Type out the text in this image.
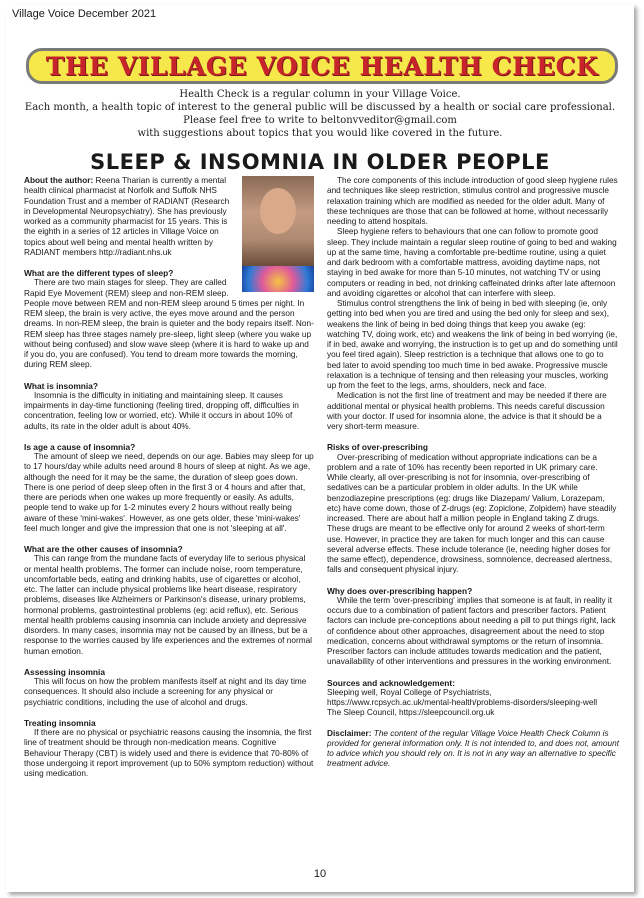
Village Voice December 2021
THE VILLAGE VOICE HEALTH CHECK
Health Check is a regular column in your Village Voice.
Each month, a health topic of interest to the general public will be discussed by a health or social care professional.
Please feel free to write to beltonvveditor@gmail.com
with suggestions about topics that you would like covered in the future.
SLEEP & INSOMNIA IN OLDER PEOPLE

About the author: Reena Tharian is currently a mental health clinical pharmacist at Norfolk and Suffolk NHS Foundation Trust and a member of RADIANT (Research in Developmental Neuropsychiatry). She has previously worked as a community pharmacist for 15 years. This is the eighth in a series of 12 articles in Village Voice on topics about well being and mental health written by RADIANT members http://radiant.nhs.uk

What are the different types of sleep?

There are two main stages for sleep. They are called Rapid Eye Movement (REM) sleep and non-REM sleep. People move between REM and non-REM sleep around 5 times per night. In REM sleep, the brain is very active, the eyes move around and the person dreams. In non-REM sleep, the brain is quieter and the body repairs itself. Non-REM sleep has three stages namely pre-sleep, light sleep (where you wake up without being confused) and slow wave sleep (where it is hard to wake up and if you do, you are confused). You tend to dream more towards the morning, during REM sleep.

What is insomnia?

Insomnia is the difficulty in initiating and maintaining sleep. It causes impairments in day-time functioning (feeling tired, dropping off, difficulties in concentration, feeling low or worried, etc). While it occurs in about 10% of adults, its rate in the older adult is about 40%.

Is age a cause of insomnia?

The amount of sleep we need, depends on our age. Babies may sleep for up to 17 hours/day while adults need around 8 hours of sleep at night. As we age, although the need for it may be the same, the duration of sleep goes down. There is one period of deep sleep often in the first 3 or 4 hours and after that, there are periods when one wakes up more frequently or easily. As adults, people tend to wake up for 1-2 minutes every 2 hours without really being aware of these 'mini-wakes'. However, as one gets older, these 'mini-wakes' feel much longer and give the impression that one is not 'sleeping at all'.

What are the other causes of insomnia?

This can range from the mundane facts of everyday life to serious physical or mental health problems. The former can include noise, room temperature, uncomfortable beds, eating and drinking habits, use of cigarettes or alcohol, etc. The latter can include physical problems like heart disease, respiratory problems, diseases like Alzheimers or Parkinson's disease, urinary problems, hormonal problems, gastrointestinal problems (eg: acid reflux), etc. Serious mental health problems causing insomnia can include anxiety and depressive disorders. In many cases, insomnia may not be caused by an illness, but be a response to the worries caused by life experiences and the extremes of normal human emotion.

Assessing insomnia

This will focus on how the problem manifests itself at night and its day time consequences. It should also include a screening for any physical or psychiatric conditions, including the use of alcohol and drugs.

Treating insomnia

If there are no physical or psychiatric reasons causing the insomnia, the first line of treatment should be through non-medication means. Cognitive Behaviour Therapy (CBT) is widely used and there is evidence that 70-80% of those undergoing it report improvement (up to 50% symptom reduction) without using medication.

The core components of this include introduction of good sleep hygiene rules and techniques like sleep restriction, stimulus control and progressive muscle relaxation training which are modified as needed for the older adult. Many of these techniques are those that can be followed at home, without necessarily needing to attend hospitals.

Sleep hygiene refers to behaviours that one can follow to promote good sleep. They include maintain a regular sleep routine of going to bed and waking up at the same time, having a comfortable pre-bedtime routine, using a quiet and dark bedroom with a comfortable mattress, avoiding daytime naps, not staying in bed awake for more than 5-10 minutes, not watching TV or using computers or reading in bed, not drinking caffeinated drinks after late afternoon and avoiding cigarettes or alcohol that can interfere with sleep.

Stimulus control strengthens the link of being in bed with sleeping (ie, only getting into bed when you are tired and using the bed only for sleep and sex), weakens the link of being in bed doing things that keep you awake (eg: watching TV, doing work, etc) and weakens the link of being in bed worrying (ie, if in bed, awake and worrying, the instruction is to get up and do something until you feel tired again). Sleep restriction is a technique that allows one to go to bed later to avoid spending too much time in bed awake. Progressive muscle relaxation is a technique of tensing and then releasing your muscles, working up from the feet to the legs, arms, shoulders, neck and face.

Medication is not the first line of treatment and may be needed if there are additional mental or physical health problems. This needs careful discussion with your doctor. If used for insomnia alone, the advice is that it should be a very short-term measure.

Risks of over-prescribing

Over-prescribing of medication without appropriate indications can be a problem and a rate of 10% has recently been reported in UK primary care. While clearly, all over-prescribing is not for insomnia, over-prescribing of sedatives can be a particular problem in older adults. In the UK while benzodiazepine prescriptions (eg: drugs like Diazepam/ Valium, Lorazepam, etc) have come down, those of Z-drugs (eg: Zopiclone, Zolpidem) have steadily increased. There are about half a million people in England taking Z drugs. These drugs are meant to be effective only for around 2 weeks of short-term use. However, in practice they are taken for much longer and this can cause several adverse effects. These include tolerance (ie, needing higher doses for the same effect), dependence, drowsiness, somnolence, decreased alertness, falls and consequent physical injury.

Why does over-prescribing happen?

While the term 'over-prescribing' implies that someone is at fault, in reality it occurs due to a combination of patient factors and prescriber factors. Patient factors can include pre-conceptions about needing a pill to put things right, lack of confidence about other approaches, disagreement about the need to stop medication, concerns about withdrawal symptoms or the return of insomnia. Prescriber factors can include attitudes towards medication and the patient, unavailability of other interventions and pressures in the working environment.

Sources and acknowledgement:

Sleeping well, Royal College of Psychiatrists,

https://www.rcpsych.ac.uk/mental-health/problems-disorders/sleeping-well

The Sleep Council, https://sleepcouncil.org.uk

Disclaimer: The content of the regular Village Voice Health Check Column is provided for general information only. It is not intended to, and does not, amount to advice which you should rely on. It is not in any way an alternative to specific treatment advice.

10
